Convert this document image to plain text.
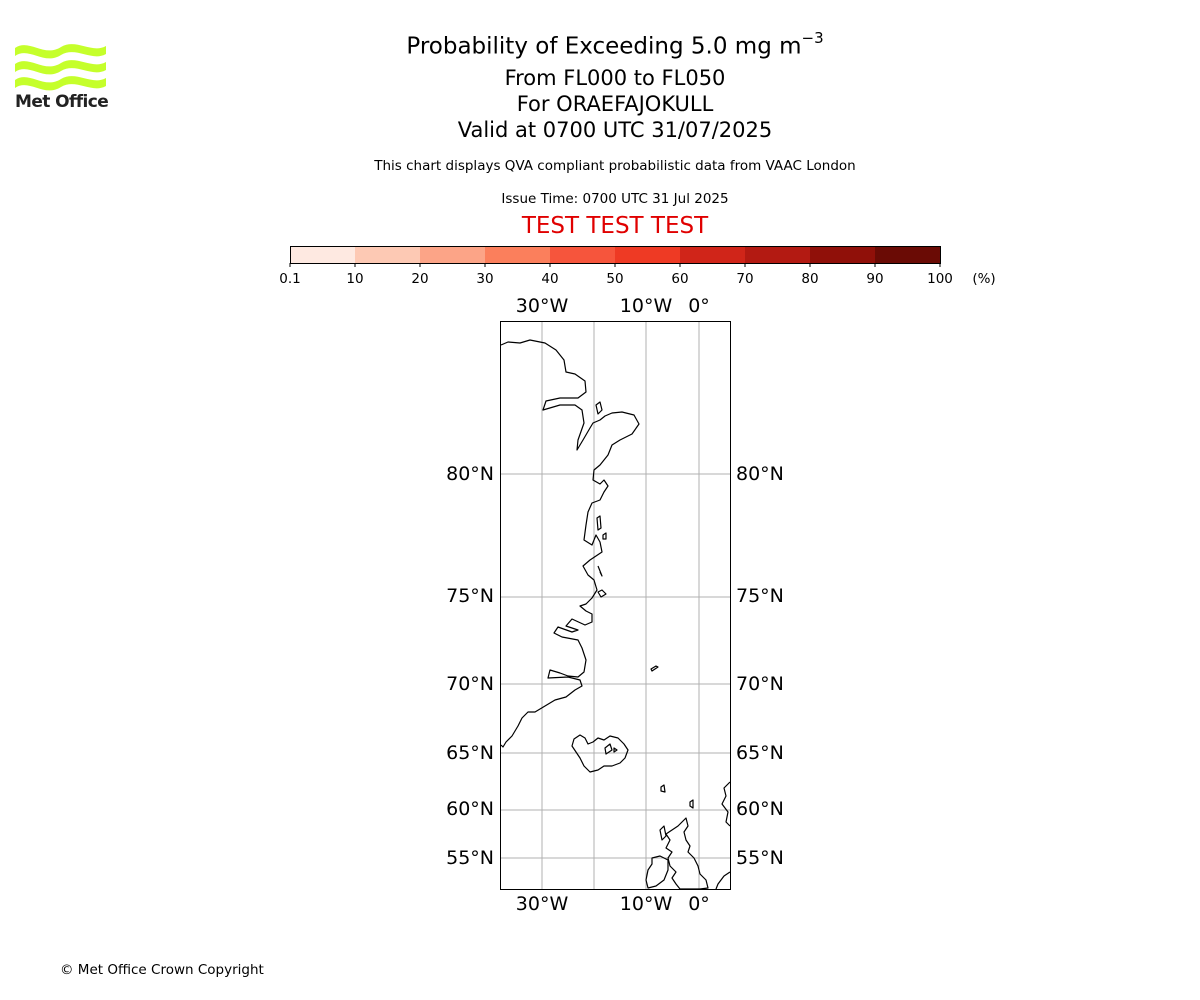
Met Office
Probability of Exceeding 5.0 mg $m^{-3}$
From FL000 to FL050
For ORAEFAJOKULL
Valid at 0700 UTC 31/07/2025
This chart displays QVA compliant probabilistic data from VAAC London
Issue Time: 0700 UTC 31 Jul 2025
TEST TEST TEST
0.1	10	20	30	40	50	60	70	80	90	100 (%)
30°W	10°W 0°
30°W	10°W 0°
80°N
75°N
70°N
65°N
60°N
55°N
80°N
75°N
70°N
65°N
60°N
55°N
© Met Office Crown Copyright
